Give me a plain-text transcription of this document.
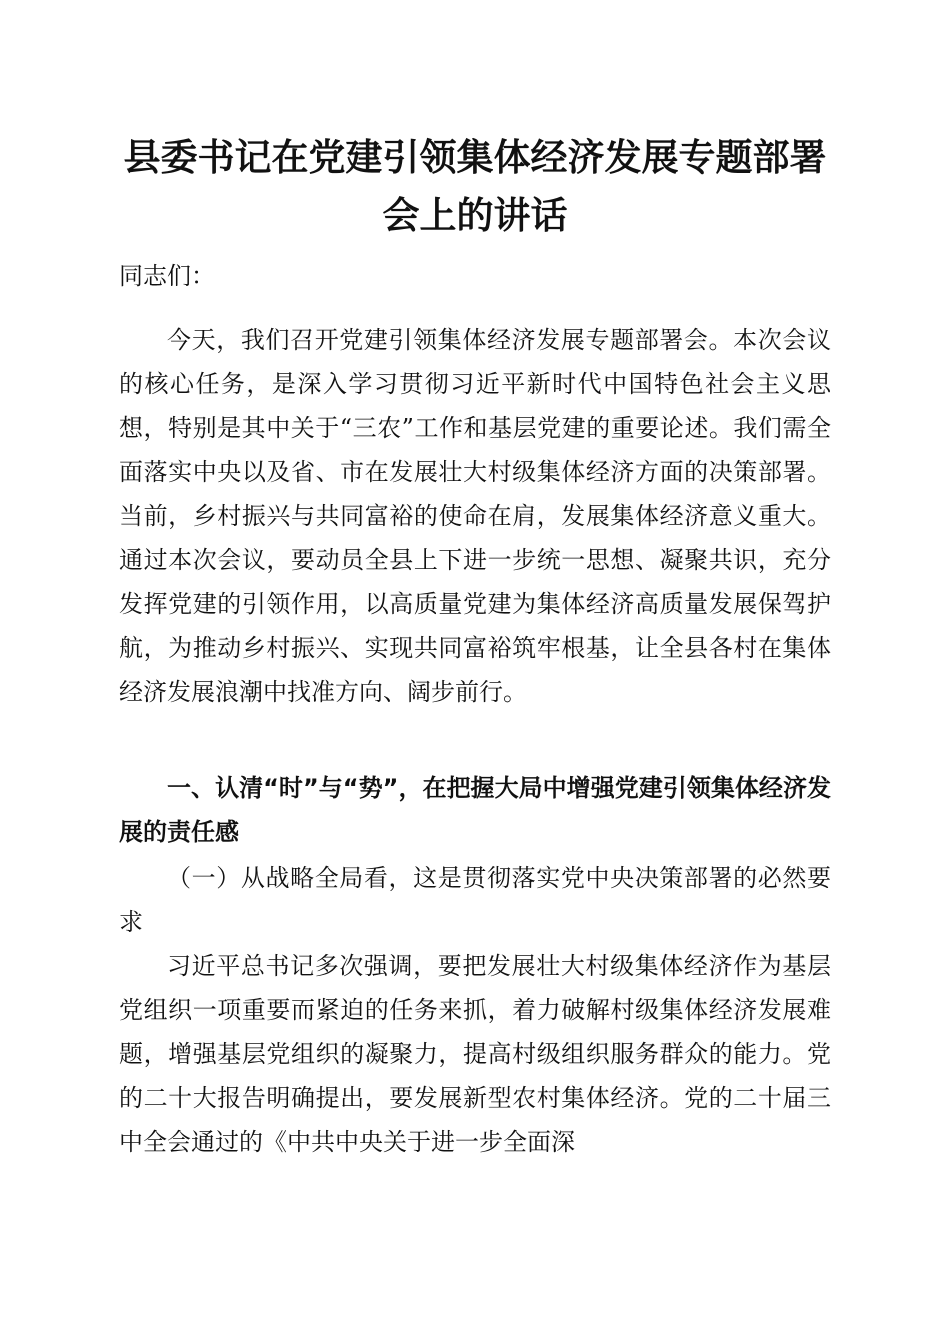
县委书记在党建引领集体经济发展专题部署会上的讲话

同志们：

今天，我们召开党建引领集体经济发展专题部署会。本次会议的核心任务，是深入学习贯彻习近平新时代中国特色社会主义思想，特别是其中关于“三农”工作和基层党建的重要论述。我们需全面落实中央以及省、市在发展壮大村级集体经济方面的决策部署。当前，乡村振兴与共同富裕的使命在肩，发展集体经济意义重大。通过本次会议，要动员全县上下进一步统一思想、凝聚共识，充分发挥党建的引领作用，以高质量党建为集体经济高质量发展保驾护航，为推动乡村振兴、实现共同富裕筑牢根基，让全县各村在集体经济发展浪潮中找准方向、阔步前行。

一、认清“时”与“势”，在把握大局中增强党建引领集体经济发展的责任感

（一）从战略全局看，这是贯彻落实党中央决策部署的必然要求

习近平总书记多次强调，要把发展壮大村级集体经济作为基层党组织一项重要而紧迫的任务来抓，着力破解村级集体经济发展难题，增强基层党组织的凝聚力，提高村级组织服务群众的能力。党的二十大报告明确提出，要发展新型农村集体经济。党的二十届三中全会通过的《中共中央关于进一步全面深
